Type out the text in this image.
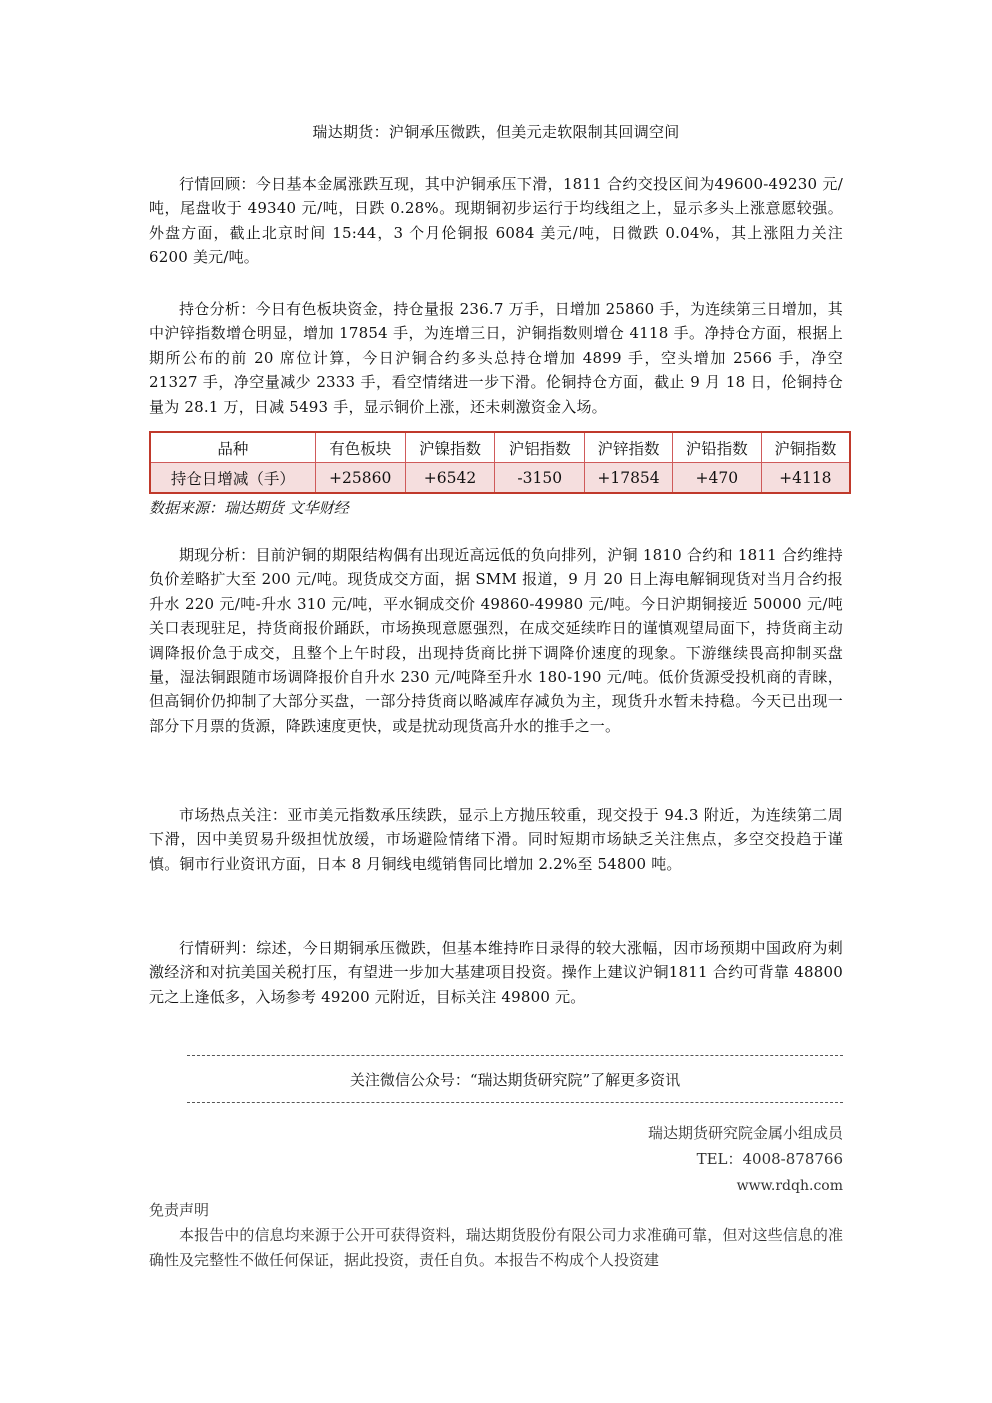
瑞达期货：沪铜承压微跌，但美元走软限制其回调空间

行情回顾：今日基本金属涨跌互现，其中沪铜承压下滑，1811 合约交投区间为49600-49230 元/吨，尾盘收于 49340 元/吨，日跌 0.28%。现期铜初步运行于均线组之上，显示多头上涨意愿较强。外盘方面，截止北京时间 15:44，3 个月伦铜报 6084 美元/吨，日微跌 0.04%，其上涨阻力关注 6200 美元/吨。

持仓分析：今日有色板块资金，持仓量报 236.7 万手，日增加 25860 手，为连续第三日增加，其中沪锌指数增仓明显，增加 17854 手，为连增三日，沪铜指数则增仓 4118 手。净持仓方面，根据上期所公布的前 20 席位计算，今日沪铜合约多头总持仓增加 4899 手，空头增加 2566 手，净空 21327 手，净空量减少 2333 手，看空情绪进一步下滑。伦铜持仓方面，截止 9 月 18 日，伦铜持仓量为 28.1 万，日减 5493 手，显示铜价上涨，还未刺激资金入场。

品种	有色板块	沪镍指数	沪铝指数	沪锌指数	沪铅指数	沪铜指数
持仓日增减（手）	+25860	+6542	-3150	+17854	+470	+4118
数据来源：瑞达期货 文华财经

期现分析：目前沪铜的期限结构偶有出现近高远低的负向排列，沪铜 1810 合约和 1811 合约维持负价差略扩大至 200 元/吨。现货成交方面，据 SMM 报道，9 月 20 日上海电解铜现货对当月合约报升水 220 元/吨-升水 310 元/吨，平水铜成交价 49860-49980 元/吨。今日沪期铜接近 50000 元/吨关口表现驻足，持货商报价踊跃，市场换现意愿强烈，在成交延续昨日的谨慎观望局面下，持货商主动调降报价急于成交，且整个上午时段，出现持货商比拼下调降价速度的现象。下游继续畏高抑制买盘量，湿法铜跟随市场调降报价自升水 230 元/吨降至升水 180-190 元/吨。低价货源受投机商的青睐，但高铜价仍抑制了大部分买盘，一部分持货商以略减库存减负为主，现货升水暂未持稳。今天已出现一部分下月票的货源，降跌速度更快，或是扰动现货高升水的推手之一。

市场热点关注：亚市美元指数承压续跌，显示上方抛压较重，现交投于 94.3 附近，为连续第二周下滑，因中美贸易升级担忧放缓，市场避险情绪下滑。同时短期市场缺乏关注焦点，多空交投趋于谨慎。铜市行业资讯方面，日本 8 月铜线电缆销售同比增加 2.2%至 54800 吨。

行情研判：综述，今日期铜承压微跌，但基本维持昨日录得的较大涨幅，因市场预期中国政府为刺激经济和对抗美国关税打压，有望进一步加大基建项目投资。操作上建议沪铜1811 合约可背靠 48800 元之上逢低多，入场参考 49200 元附近，目标关注 49800 元。

关注微信公众号：“瑞达期货研究院”了解更多资讯
瑞达期货研究院金属小组成员
TEL：4008-878766
www.rdqh.com
免责声明

本报告中的信息均来源于公开可获得资料，瑞达期货股份有限公司力求准确可靠，但对这些信息的准确性及完整性不做任何保证，据此投资，责任自负。本报告不构成个人投资建
